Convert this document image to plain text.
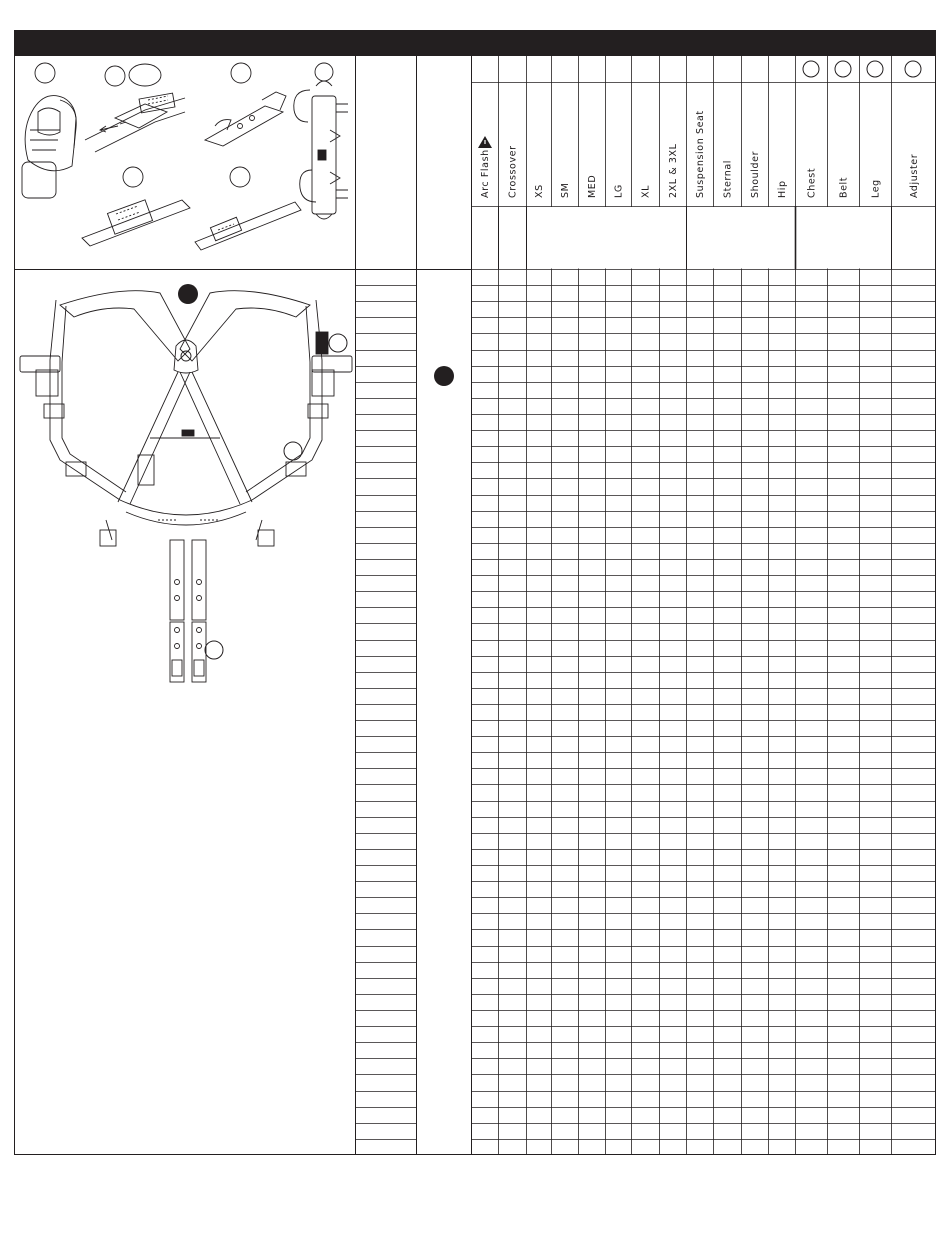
Arc Flash Crossover XS SM MED LG XL 2XL & 3XL Suspension Seat Sternal Shoulder Hip Chest Belt Leg	Adjuster
